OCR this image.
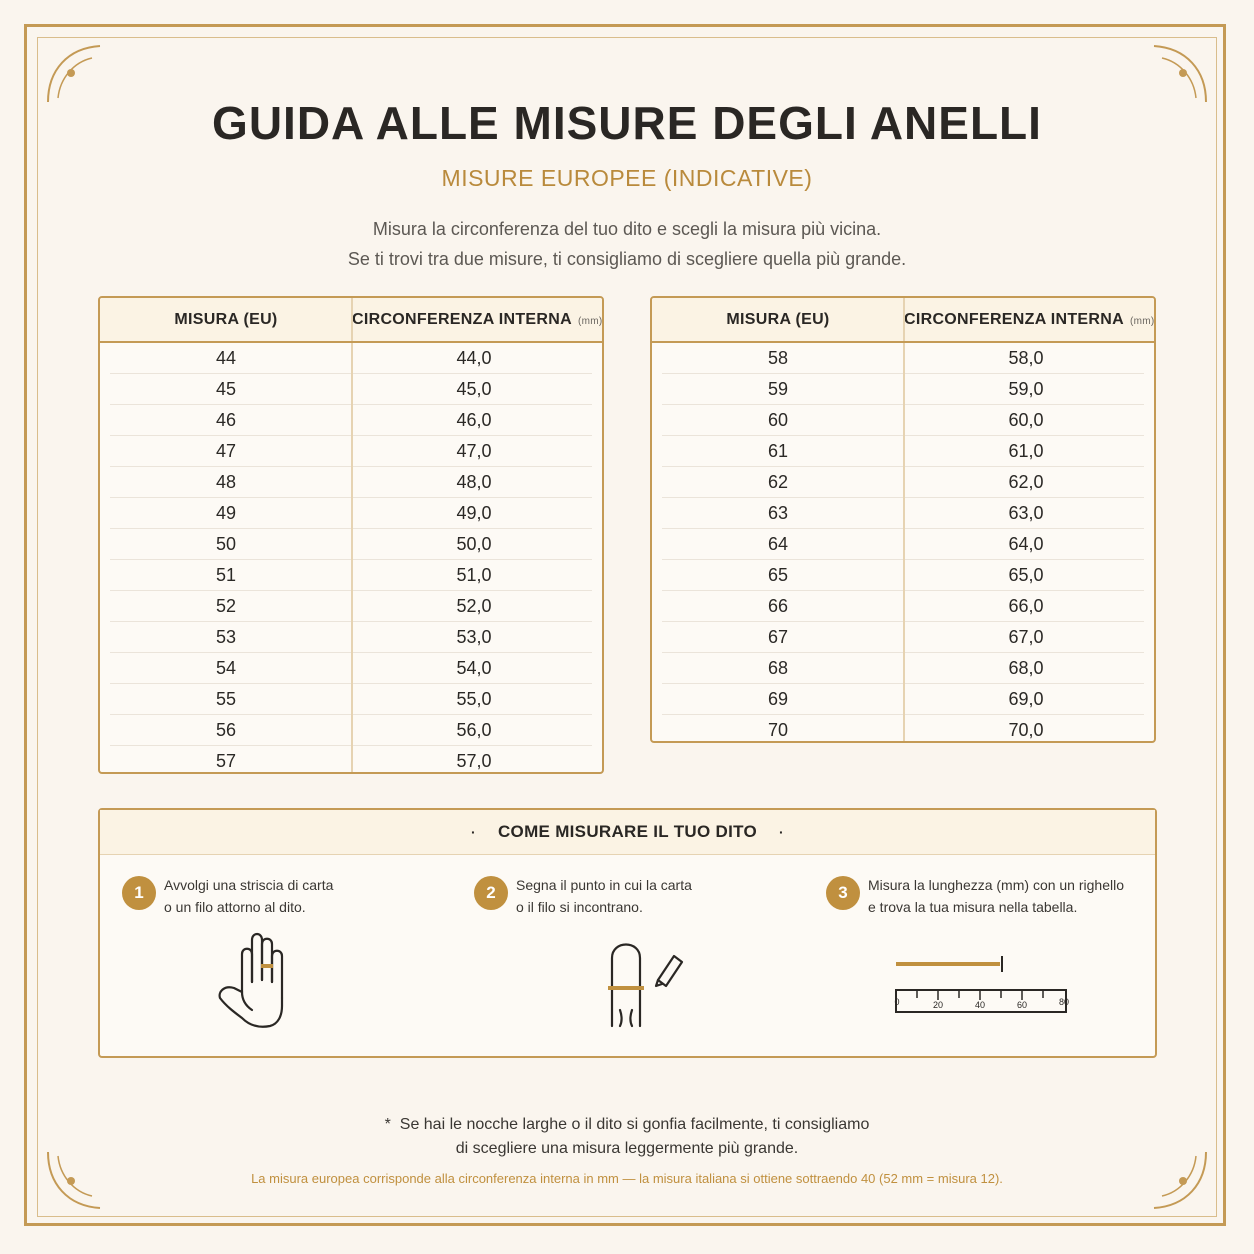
GUIDA ALLE MISURE DEGLI ANELLI
MISURE EUROPEE (INDICATIVE)
Misura la circonferenza del tuo dito e scegli la misura più vicina.
Se ti trovi tra due misure, ti consigliamo di scegliere quella più grande.
MISURA (EU)	CIRCONFERENZA INTERNA (mm)
44	44,0
45	45,0
46	46,0
47	47,0
48	48,0
49	49,0
50	50,0
51	51,0
52	52,0
53	53,0
54	54,0
55	55,0
56	56,0
57	57,0
MISURA (EU)	CIRCONFERENZA INTERNA (mm)
58	58,0
59	59,0
60	60,0
61	61,0
62	62,0
63	63,0
64	64,0
65	65,0
66	66,0
67	67,0
68	68,0
69	69,0
70	70,0
· COME MISURARE IL TUO DITO ·
1	Avvolgi una striscia di carta
o un filo attorno al dito.
2	Segna il punto in cui la carta
o il filo si incontrano.
3	Misura la lunghezza (mm) con un righello
e trova la tua misura nella tabella.
0	20	40	60	80
* Se hai le nocche larghe o il dito si gonfia facilmente, ti consigliamo
di scegliere una misura leggermente più grande.
La misura europea corrisponde alla circonferenza interna in mm — la misura italiana si ottiene sottraendo 40 (52 mm = misura 12).
